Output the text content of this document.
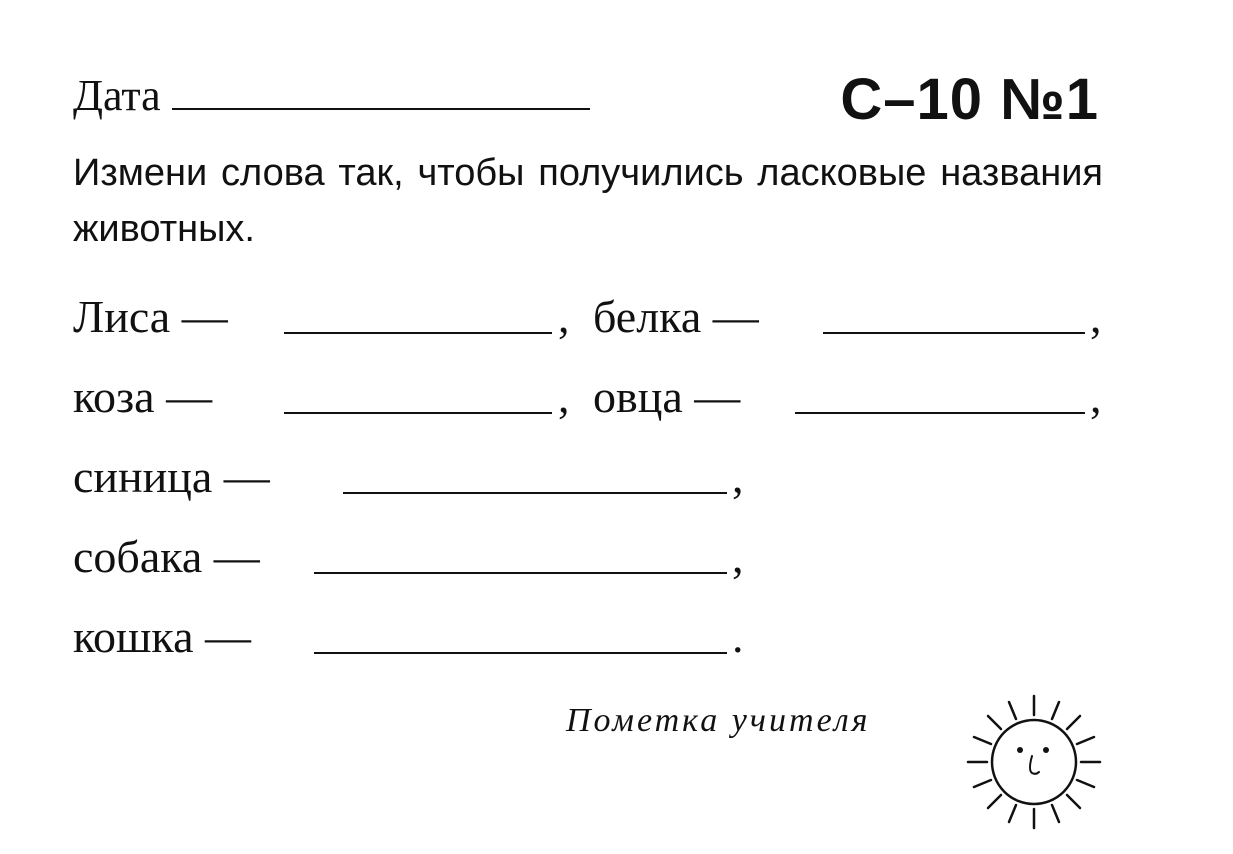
Дата	С–10 №1
Измени слова так, чтобы получились ласковые названия животных.
Лиса —	, белка —	,
коза —	, овца —	,
синица —	,
собака —	,
кошка —	.
Пометка учителя
